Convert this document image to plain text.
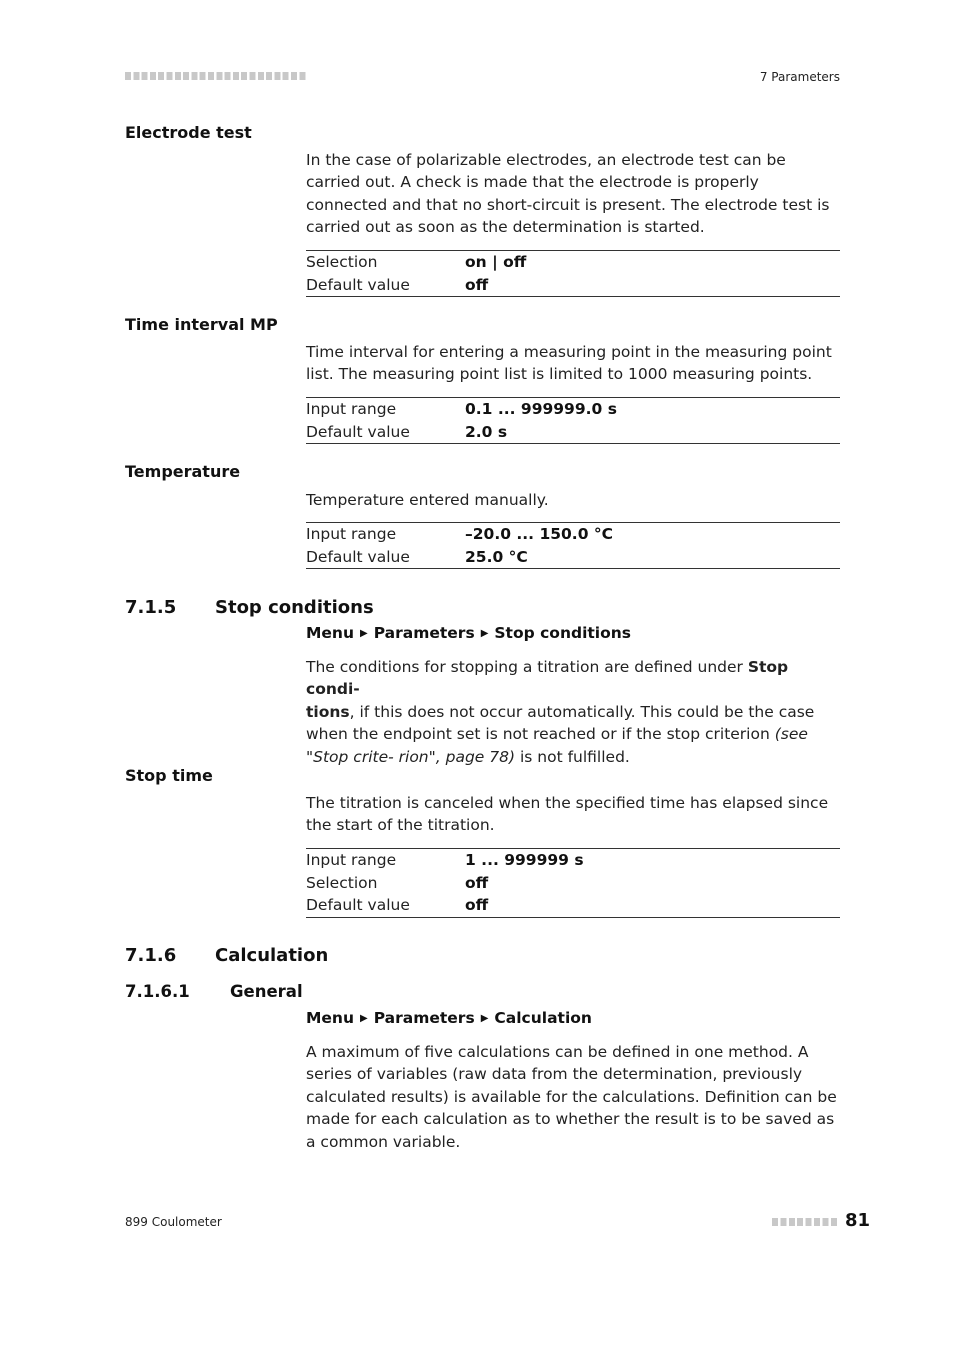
7 Parameters
Electrode test
In the case of polarizable electrodes, an electrode test can be carried out. A check is made that the electrode is properly connected and that no short-circuit is present. The electrode test is carried out as soon as the determination is started.
Selection	on | off
Default value	off
Time interval MP
Time interval for entering a measuring point in the measuring point list. The measuring point list is limited to 1000 measuring points.
Input range	0.1 ... 999999.0 s
Default value	2.0 s
Temperature
Temperature entered manually.
Input range	–20.0 ... 150.0 °C
Default value	25.0 °C
7.1.5 Stop conditions
Menu ▶ Parameters ▶ Stop conditions
The conditions for stopping a titration are defined under Stop condi-
tions, if this does not occur automatically. This could be the case when the endpoint set is not reached or if the stop criterion (see "Stop crite- rion", page 78) is not fulfilled.
Stop time
The titration is canceled when the specified time has elapsed since the start of the titration.
Input range	1 ... 999999 s
Selection	off
Default value	off
7.1.6 Calculation
7.1.6.1 General
Menu ▶ Parameters ▶ Calculation
A maximum of five calculations can be defined in one method. A series of variables (raw data from the determination, previously calculated results) is available for the calculations. Definition can be made for each calculation as to whether the result is to be saved as a common variable.
899 Coulometer	81
